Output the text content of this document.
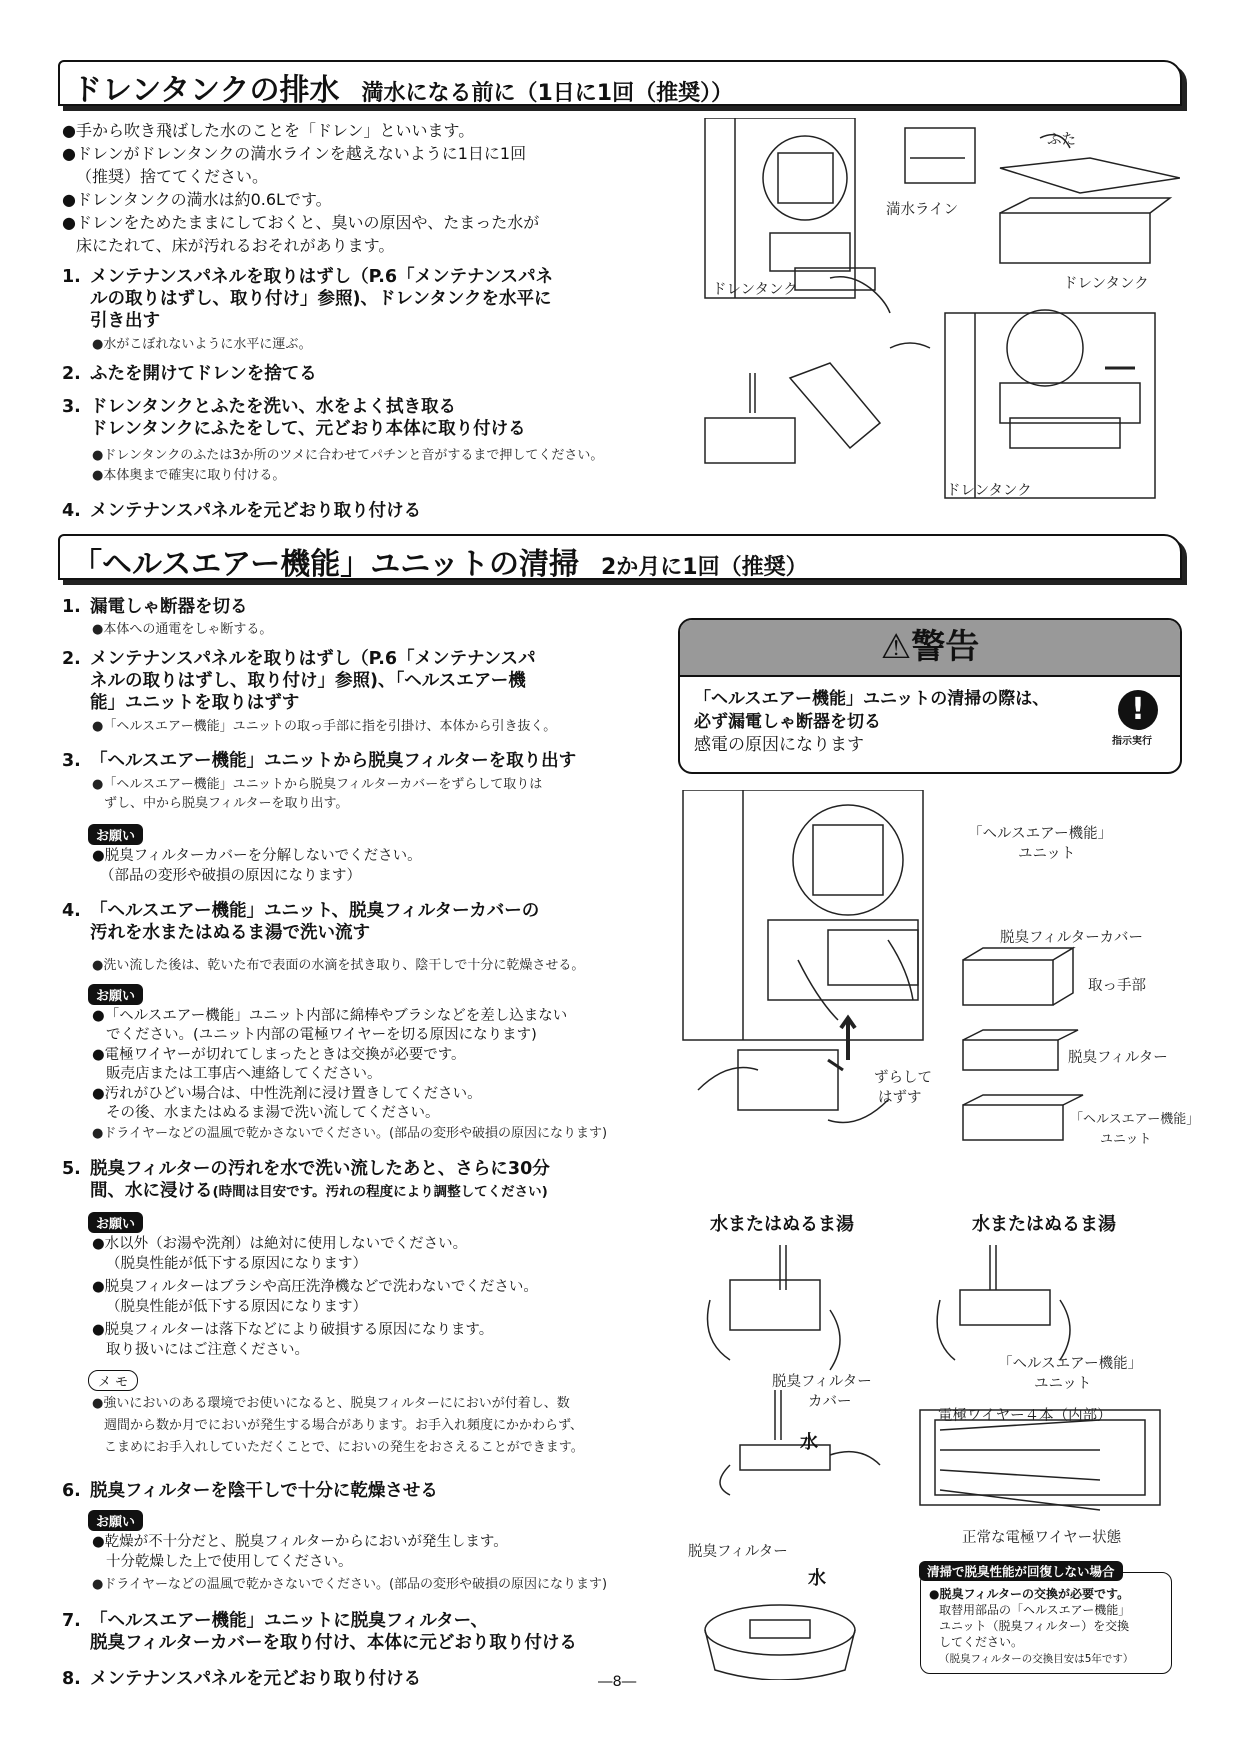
ドレンタンクの排水 満水になる前に（1日に1回（推奨））
●手から吹き飛ばした水のことを「ドレン」といいます。
●ドレンがドレンタンクの満水ラインを越えないように1日に1回
（推奨）捨ててください。
●ドレンタンクの満水は約0.6Lです。
●ドレンをためたままにしておくと、臭いの原因や、たまった水が
床にたれて、床が汚れるおそれがあります。
1. メンテナンスパネルを取りはずし（P.6「メンテナンスパネ
ルの取りはずし、取り付け」参照)、ドレンタンクを水平に
引き出す
●水がこぼれないように水平に運ぶ。
2. ふたを開けてドレンを捨てる
3. ドレンタンクとふたを洗い、水をよく拭き取る
ドレンタンクにふたをして、元どおり本体に取り付ける
●ドレンタンクのふたは3か所のツメに合わせてパチンと音がするまで押してください。
●本体奥まで確実に取り付ける。
4. メンテナンスパネルを元どおり取り付ける
ふた
満水ライン
ドレンタンク	ドレンタンク
ドレンタンク
「ヘルスエアー機能」ユニットの清掃 2か月に1回（推奨）
1. 漏電しゃ断器を切る
●本体への通電をしゃ断する。
2. メンテナンスパネルを取りはずし（P.6「メンテナンスパ
ネルの取りはずし、取り付け」参照)、「ヘルスエアー機
能」ユニットを取りはずす
●「ヘルスエアー機能」ユニットの取っ手部に指を引掛け、本体から引き抜く。
3. 「ヘルスエアー機能」ユニットから脱臭フィルターを取り出す
●「ヘルスエアー機能」ユニットから脱臭フィルターカバーをずらして取りは
ずし、中から脱臭フィルターを取り出す。
お願い
●脱臭フィルターカバーを分解しないでください。
（部品の変形や破損の原因になります）
4. 「ヘルスエアー機能」ユニット、脱臭フィルターカバーの
汚れを水またはぬるま湯で洗い流す
●洗い流した後は、乾いた布で表面の水滴を拭き取り、陰干しで十分に乾燥させる。
お願い
●「ヘルスエアー機能」ユニット内部に綿棒やブラシなどを差し込まない
でください。(ユニット内部の電極ワイヤーを切る原因になります)
●電極ワイヤーが切れてしまったときは交換が必要です。
販売店または工事店へ連絡してください。
●汚れがひどい場合は、中性洗剤に浸け置きしてください。
その後、水またはぬるま湯で洗い流してください。
●ドライヤーなどの温風で乾かさないでください。(部品の変形や破損の原因になります)
5. 脱臭フィルターの汚れを水で洗い流したあと、さらに30分
間、水に浸ける(時間は目安です。汚れの程度により調整してください)
お願い
●水以外（お湯や洗剤）は絶対に使用しないでください。
（脱臭性能が低下する原因になります）
●脱臭フィルターはブラシや高圧洗浄機などで洗わないでください。
（脱臭性能が低下する原因になります）
●脱臭フィルターは落下などにより破損する原因になります。
取り扱いにはご注意ください。
メ モ
●強いにおいのある環境でお使いになると、脱臭フィルターににおいが付着し、数
週間から数か月でにおいが発生する場合があります。お手入れ頻度にかかわらず、
こまめにお手入れしていただくことで、においの発生をおさえることができます。
6. 脱臭フィルターを陰干しで十分に乾燥させる
お願い
●乾燥が不十分だと、脱臭フィルターからにおいが発生します。
十分乾燥した上で使用してください。
●ドライヤーなどの温風で乾かさないでください。(部品の変形や破損の原因になります)
7. 「ヘルスエアー機能」ユニットに脱臭フィルター、
脱臭フィルターカバーを取り付け、本体に元どおり取り付ける
8. メンテナンスパネルを元どおり取り付ける	―8―
⚠警告
「ヘルスエアー機能」ユニットの清掃の際は、
必ず漏電しゃ断器を切る
感電の原因になります
!
指示実行
「ヘルスエアー機能」
ユニット
脱臭フィルターカバー
取っ手部
脱臭フィルター
ずらして
はずす
「ヘルスエアー機能」
ユニット
水またはぬるま湯	水またはぬるま湯
脱臭フィルター
カバー
「ヘルスエアー機能」
ユニット
電極ワイヤー４本（内部）
水
正常な電極ワイヤー状態
脱臭フィルター
水	清掃で脱臭性能が回復しない場合
●脱臭フィルターの交換が必要です。
取替用部品の「ヘルスエアー機能」
ユニット（脱臭フィルター）を交換
してください。
（脱臭フィルターの交換目安は5年です）
